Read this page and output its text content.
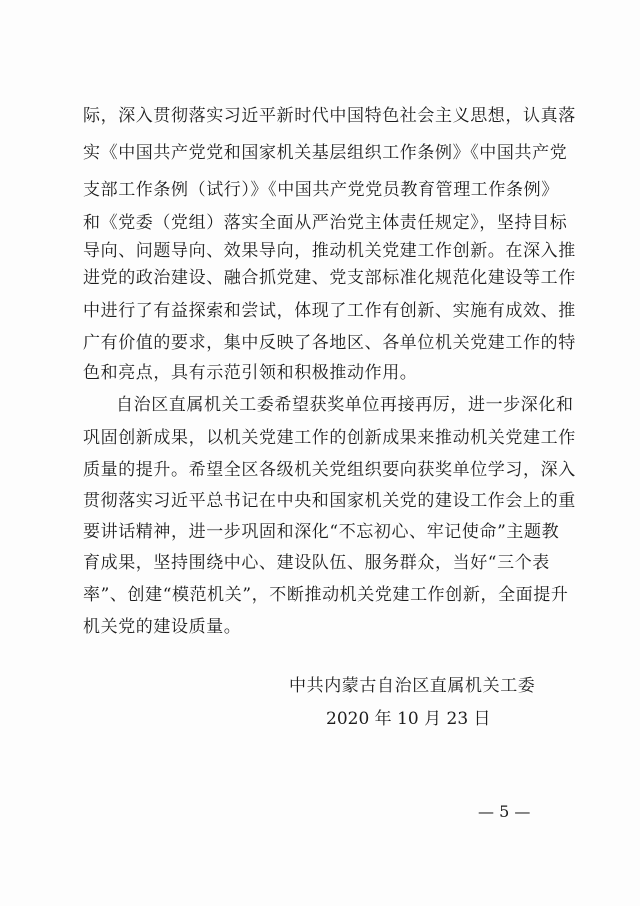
际，深入贯彻落实习近平新时代中国特色社会主义思想，认真落
实《中国共产党党和国家机关基层组织工作条例》《中国共产党
支部工作条例（试行）》《中国共产党党员教育管理工作条例》
和《党委（党组）落实全面从严治党主体责任规定》，坚持目标
导向、问题导向、效果导向，推动机关党建工作创新。在深入推
进党的政治建设、融合抓党建、党支部标准化规范化建设等工作
中进行了有益探索和尝试，体现了工作有创新、实施有成效、推
广有价值的要求，集中反映了各地区、各单位机关党建工作的特
色和亮点，具有示范引领和积极推动作用。
自治区直属机关工委希望获奖单位再接再厉，进一步深化和
巩固创新成果，以机关党建工作的创新成果来推动机关党建工作
质量的提升。希望全区各级机关党组织要向获奖单位学习，深入
贯彻落实习近平总书记在中央和国家机关党的建设工作会上的重
要讲话精神，进一步巩固和深化“不忘初心、牢记使命”主题教
育成果，坚持围绕中心、建设队伍、服务群众，当好“三个表
率”、创建“模范机关”，不断推动机关党建工作创新，全面提升
机关党的建设质量。
中共内蒙古自治区直属机关工委
2020 年 10 月 23 日
— 5 —
